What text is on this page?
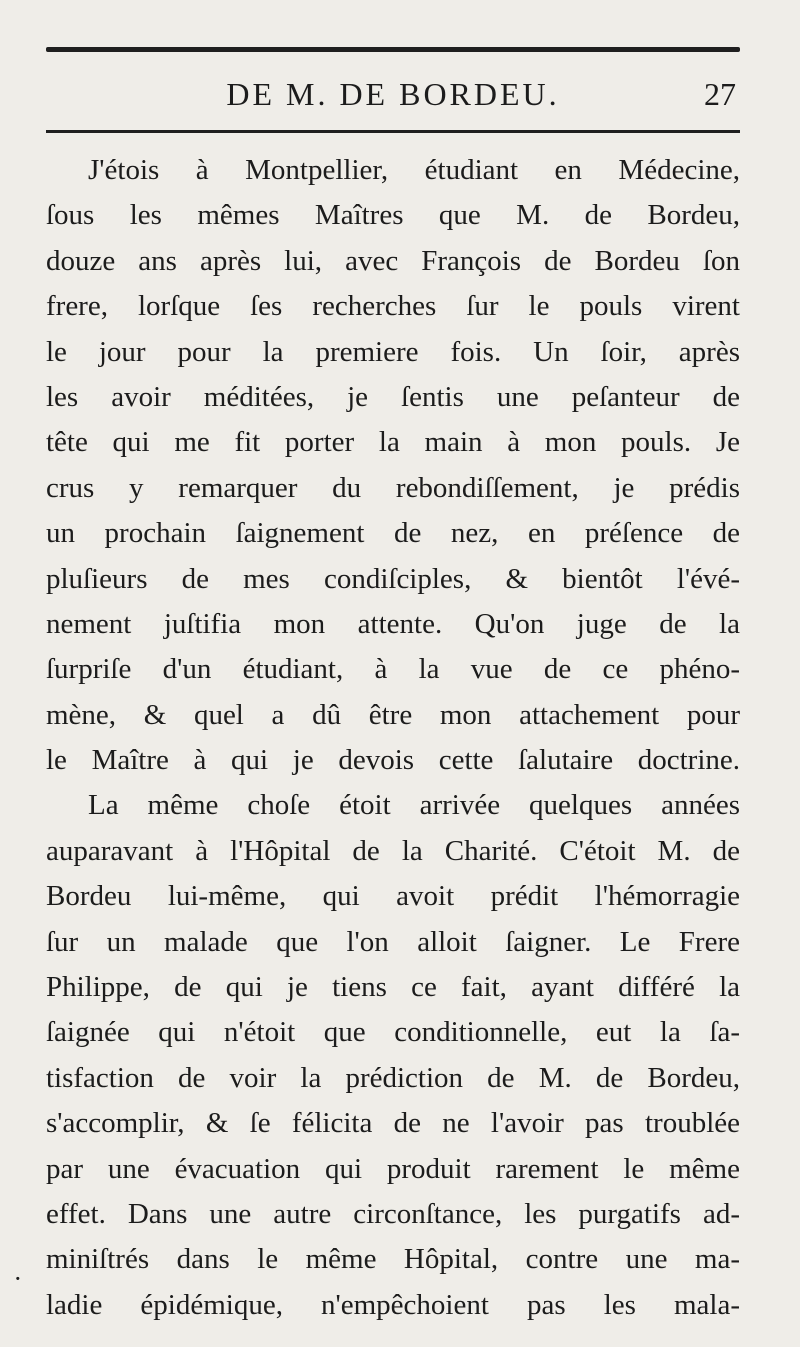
DE M. DE BORDEU.	27
J'étois à Montpellier, étudiant en Médecine,
ſous les mêmes Maîtres que M. de Bordeu,
douze ans après lui, avec François de Bordeu ſon
frere, lorſque ſes recherches ſur le pouls virent
le jour pour la premiere fois. Un ſoir, après
les avoir méditées, je ſentis une peſanteur de
tête qui me fit porter la main à mon pouls. Je
crus y remarquer du rebondiſſement, je prédis
un prochain ſaignement de nez, en préſence de
pluſieurs de mes condiſciples, & bientôt l'évé-
nement juſtifia mon attente. Qu'on juge de la
ſurpriſe d'un étudiant, à la vue de ce phéno-
mène, & quel a dû être mon attachement pour
le Maître à qui je devois cette ſalutaire doctrine.
La même choſe étoit arrivée quelques années
auparavant à l'Hôpital de la Charité. C'étoit M. de
Bordeu lui-même, qui avoit prédit l'hémorragie
ſur un malade que l'on alloit ſaigner. Le Frere
Philippe, de qui je tiens ce fait, ayant différé la
ſaignée qui n'étoit que conditionnelle, eut la ſa-
tisfaction de voir la prédiction de M. de Bordeu,
s'accomplir, & ſe félicita de ne l'avoir pas troublée
par une évacuation qui produit rarement le même
effet. Dans une autre circonſtance, les purgatifs ad-
miniſtrés dans le même Hôpital, contre une ma-
ladie épidémique, n'empêchoient pas les mala-
·
